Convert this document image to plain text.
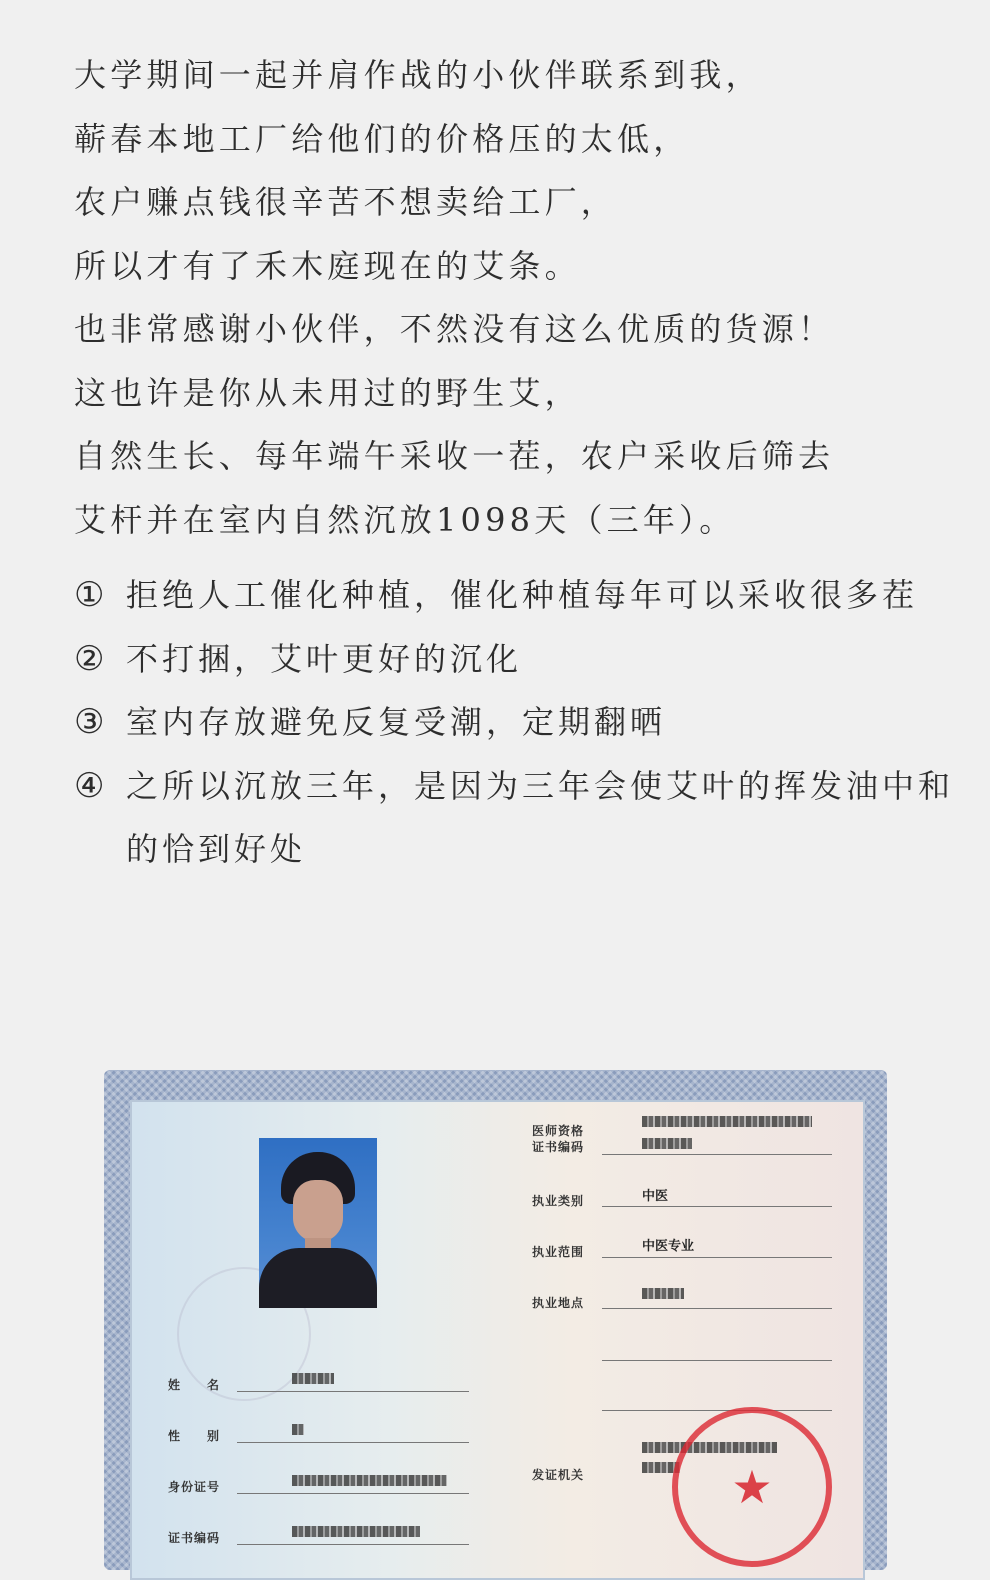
大学期间一起并肩作战的小伙伴联系到我，
蕲春本地工厂给他们的价格压的太低，
农户赚点钱很辛苦不想卖给工厂，
所以才有了禾木庭现在的艾条。
也非常感谢小伙伴，不然没有这么优质的货源！
这也许是你从未用过的野生艾，
自然生长、每年端午采收一茬，农户采收后筛去
艾杆并在室内自然沉放1098天（三年）。
① 拒绝人工催化种植，催化种植每年可以采收很多茬
② 不打捆，艾叶更好的沉化
③ 室内存放避免反复受潮，定期翻晒
④ 之所以沉放三年，是因为三年会使艾叶的挥发油中和的恰到好处
姓　　名
性　　别
身份证号
证书编码
医师资格
证书编码
执业类别	中医
执业范围	中医专业
执业地点
发证机关	★
